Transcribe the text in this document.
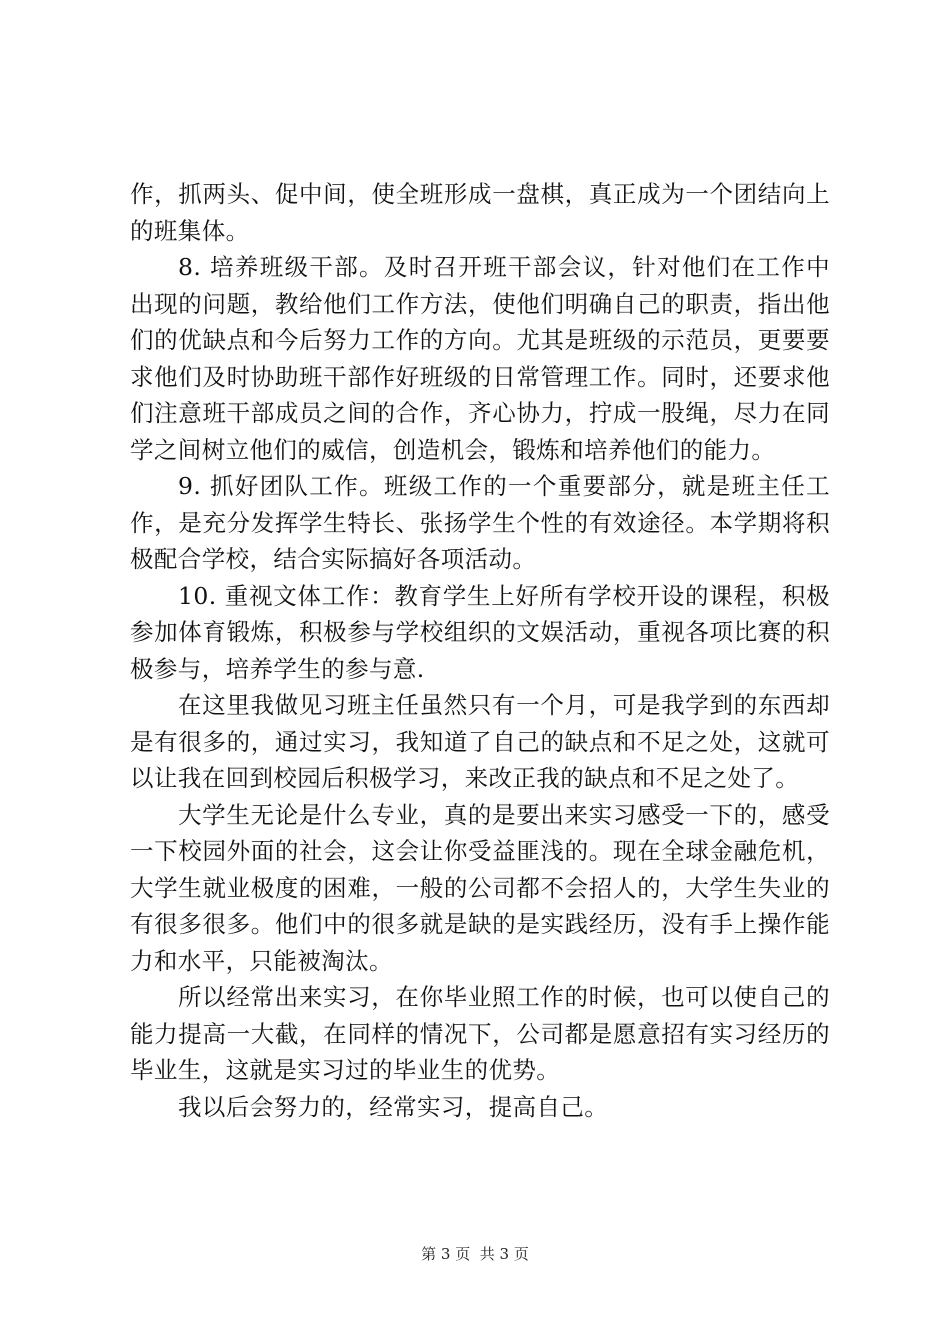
作，抓两头、促中间，使全班形成一盘棋，真正成为一个团结向上的班集体。

8. 培养班级干部。及时召开班干部会议，针对他们在工作中出现的问题，教给他们工作方法，使他们明确自己的职责，指出他们的优缺点和今后努力工作的方向。尤其是班级的示范员，更要要求他们及时协助班干部作好班级的日常管理工作。同时，还要求他们注意班干部成员之间的合作，齐心协力，拧成一股绳，尽力在同学之间树立他们的威信，创造机会，锻炼和培养他们的能力。

9. 抓好团队工作。班级工作的一个重要部分，就是班主任工作，是充分发挥学生特长、张扬学生个性的有效途径。本学期将积极配合学校，结合实际搞好各项活动。

10. 重视文体工作：教育学生上好所有学校开设的课程，积极参加体育锻炼，积极参与学校组织的文娱活动，重视各项比赛的积极参与，培养学生的参与意.

在这里我做见习班主任虽然只有一个月，可是我学到的东西却是有很多的，通过实习，我知道了自己的缺点和不足之处，这就可以让我在回到校园后积极学习，来改正我的缺点和不足之处了。

大学生无论是什么专业，真的是要出来实习感受一下的，感受一下校园外面的社会，这会让你受益匪浅的。现在全球金融危机，大学生就业极度的困难，一般的公司都不会招人的，大学生失业的有很多很多。他们中的很多就是缺的是实践经历，没有手上操作能力和水平，只能被淘汰。

所以经常出来实习，在你毕业照工作的时候，也可以使自己的能力提高一大截，在同样的情况下，公司都是愿意招有实习经历的毕业生，这就是实习过的毕业生的优势。

我以后会努力的，经常实习，提高自己。

第 3 页  共 3 页
